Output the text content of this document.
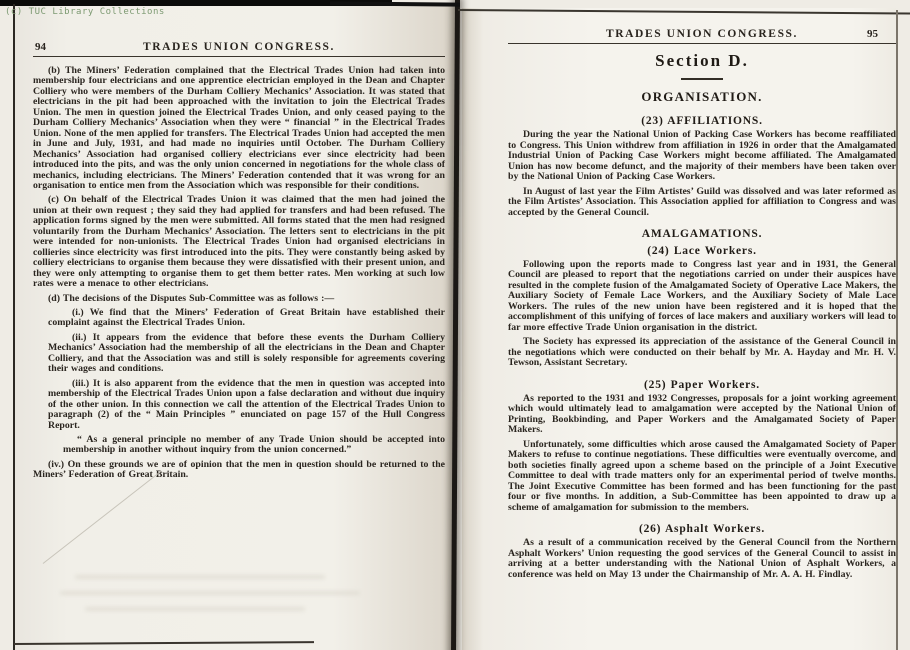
94	TRADES UNION CONGRESS.

(b) The Miners’ Federation complained that the Electrical Trades Union had taken into membership four electricians and one apprentice electrician employed in the Dean and Chapter Colliery who were members of the Durham Colliery Mechanics’ Association. It was stated that electricians in the pit had been approached with the invitation to join the Electrical Trades Union. The men in question joined the Electrical Trades Union, and only ceased paying to the Durham Colliery Mechanics’ Association when they were “ financial ” in the Electrical Trades Union. None of the men applied for transfers. The Electrical Trades Union had accepted the men in June and July, 1931, and had made no inquiries until October. The Durham Colliery Mechanics’ Association had organised colliery electricians ever since electricity had been introduced into the pits, and was the only union concerned in negotiations for the whole class of mechanics, including electricians. The Miners’ Federation contended that it was wrong for an organisation to entice men from the Association which was responsible for their conditions.

(c) On behalf of the Electrical Trades Union it was claimed that the men had joined the union at their own request ; they said they had applied for transfers and had been refused. The application forms signed by the men were submitted. All forms stated that the men had resigned voluntarily from the Durham Mechanics’ Association. The letters sent to electricians in the pit were intended for non-unionists. The Electrical Trades Union had organised electricians in collieries since electricity was first introduced into the pits. They were constantly being asked by colliery electricians to organise them because they were dissatisfied with their present union, and they were only attempting to organise them to get them better rates. Men working at such low rates were a menace to other electricians.

(d) The decisions of the Disputes Sub-Committee was as follows :—

(i.) We find that the Miners’ Federation of Great Britain have established their complaint against the Electrical Trades Union.

(ii.) It appears from the evidence that before these events the Durham Colliery Mechanics’ Association had the membership of all the electricians in the Dean and Chapter Colliery, and that the Association was and still is solely responsible for agreements covering their wages and conditions.

(iii.) It is also apparent from the evidence that the men in question was accepted into membership of the Electrical Trades Union upon a false declaration and without due inquiry of the other union. In this connection we call the attention of the Electrical Trades Union to paragraph (2) of the “ Main Principles ” enunciated on page 157 of the Hull Congress Report.

“ As a general principle no member of any Trade Union should be accepted into membership in another without inquiry from the union concerned.”

(iv.) On these grounds we are of opinion that the men in question should be returned to the Miners’ Federation of Great Britain.

TRADES UNION CONGRESS.	95
Section D.
ORGANISATION.
(23) AFFILIATIONS.

During the year the National Union of Packing Case Workers has become reaffiliated to Congress. This Union withdrew from affiliation in 1926 in order that the Amalgamated Industrial Union of Packing Case Workers might become affiliated. The Amalgamated Union has now become defunct, and the majority of their members have been taken over by the National Union of Packing Case Workers.

In August of last year the Film Artistes’ Guild was dissolved and was later reformed as the Film Artistes’ Association. This Association applied for affiliation to Congress and was accepted by the General Council.

AMALGAMATIONS.
(24) Lace Workers.

Following upon the reports made to Congress last year and in 1931, the General Council are pleased to report that the negotiations carried on under their auspices have resulted in the complete fusion of the Amalgamated Society of Operative Lace Makers, the Auxiliary Society of Female Lace Workers, and the Auxiliary Society of Male Lace Workers. The rules of the new union have been registered and it is hoped that the accomplishment of this unifying of forces of lace makers and auxiliary workers will lead to far more effective Trade Union organisation in the district.

The Society has expressed its appreciation of the assistance of the General Council in the negotiations which were conducted on their behalf by Mr. A. Hayday and Mr. H. V. Tewson, Assistant Secretary.

(25) Paper Workers.

As reported to the 1931 and 1932 Congresses, proposals for a joint working agreement which would ultimately lead to amalgamation were accepted by the National Union of Printing, Bookbinding, and Paper Workers and the Amalgamated Society of Paper Makers.

Unfortunately, some difficulties which arose caused the Amalgamated Society of Paper Makers to refuse to continue negotiations. These difficulties were eventually overcome, and both societies finally agreed upon a scheme based on the principle of a Joint Executive Committee to deal with trade matters only for an experimental period of twelve months. The Joint Executive Committee has been formed and has been functioning for the past four or five months. In addition, a Sub-Committee has been appointed to draw up a scheme of amalgamation for submission to the members.

(26) Asphalt Workers.

As a result of a communication received by the General Council from the Northern Asphalt Workers’ Union requesting the good services of the General Council to assist in arriving at a better understanding with the National Union of Asphalt Workers, a conference was held on May 13 under the Chairmanship of Mr. A. A. H. Findlay.

(c) TUC Library Collections
